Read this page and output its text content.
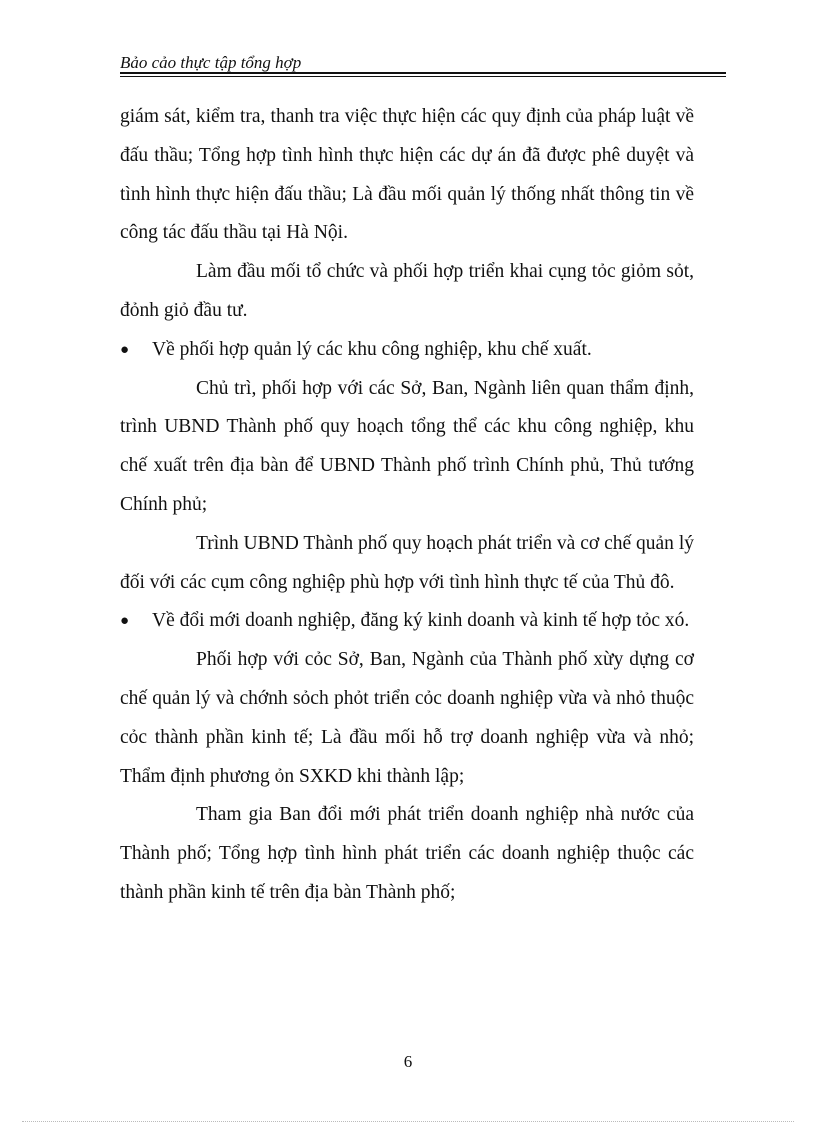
Bảo cảo thực tập tổng hợp

giám sát, kiểm tra, thanh tra việc thực hiện các quy định của pháp luật về đấu thầu; Tổng hợp tình hình thực hiện các dự án đã được phê duyệt và tình hình thực hiện đấu thầu; Là đầu mối quản lý thống nhất thông tin về công tác đấu thầu tại Hà Nội.

Làm đầu mối tổ chức và phối hợp triển khai cụng tỏc giỏm sỏt, đỏnh giỏ đầu tư.

● Về phối hợp quản lý các khu công nghiệp, khu chế xuất.

Chủ trì, phối hợp với các Sở, Ban, Ngành liên quan thẩm định, trình UBND Thành phố quy hoạch tổng thể các khu công nghiệp, khu chế xuất trên địa bàn để UBND Thành phố trình Chính phủ, Thủ tướng Chính phủ;

Trình UBND Thành phố quy hoạch phát triển và cơ chế quản lý đối với các cụm công nghiệp phù hợp với tình hình thực tế của Thủ đô.

● Về đổi mới doanh nghiệp, đăng ký kinh doanh và kinh tế hợp tỏc xó.

Phối hợp với cỏc Sở, Ban, Ngành của Thành phố xừy dựng cơ chế quản lý và chớnh sỏch phỏt triển cỏc doanh nghiệp vừa và nhỏ thuộc cỏc thành phần kinh tế; Là đầu mối hỗ trợ doanh nghiệp vừa và nhỏ; Thẩm định phương ỏn SXKD khi thành lập;

Tham gia Ban đổi mới phát triển doanh nghiệp nhà nước của Thành phố; Tổng hợp tình hình phát triển các doanh nghiệp thuộc các thành phần kinh tế trên địa bàn Thành phố;

6
